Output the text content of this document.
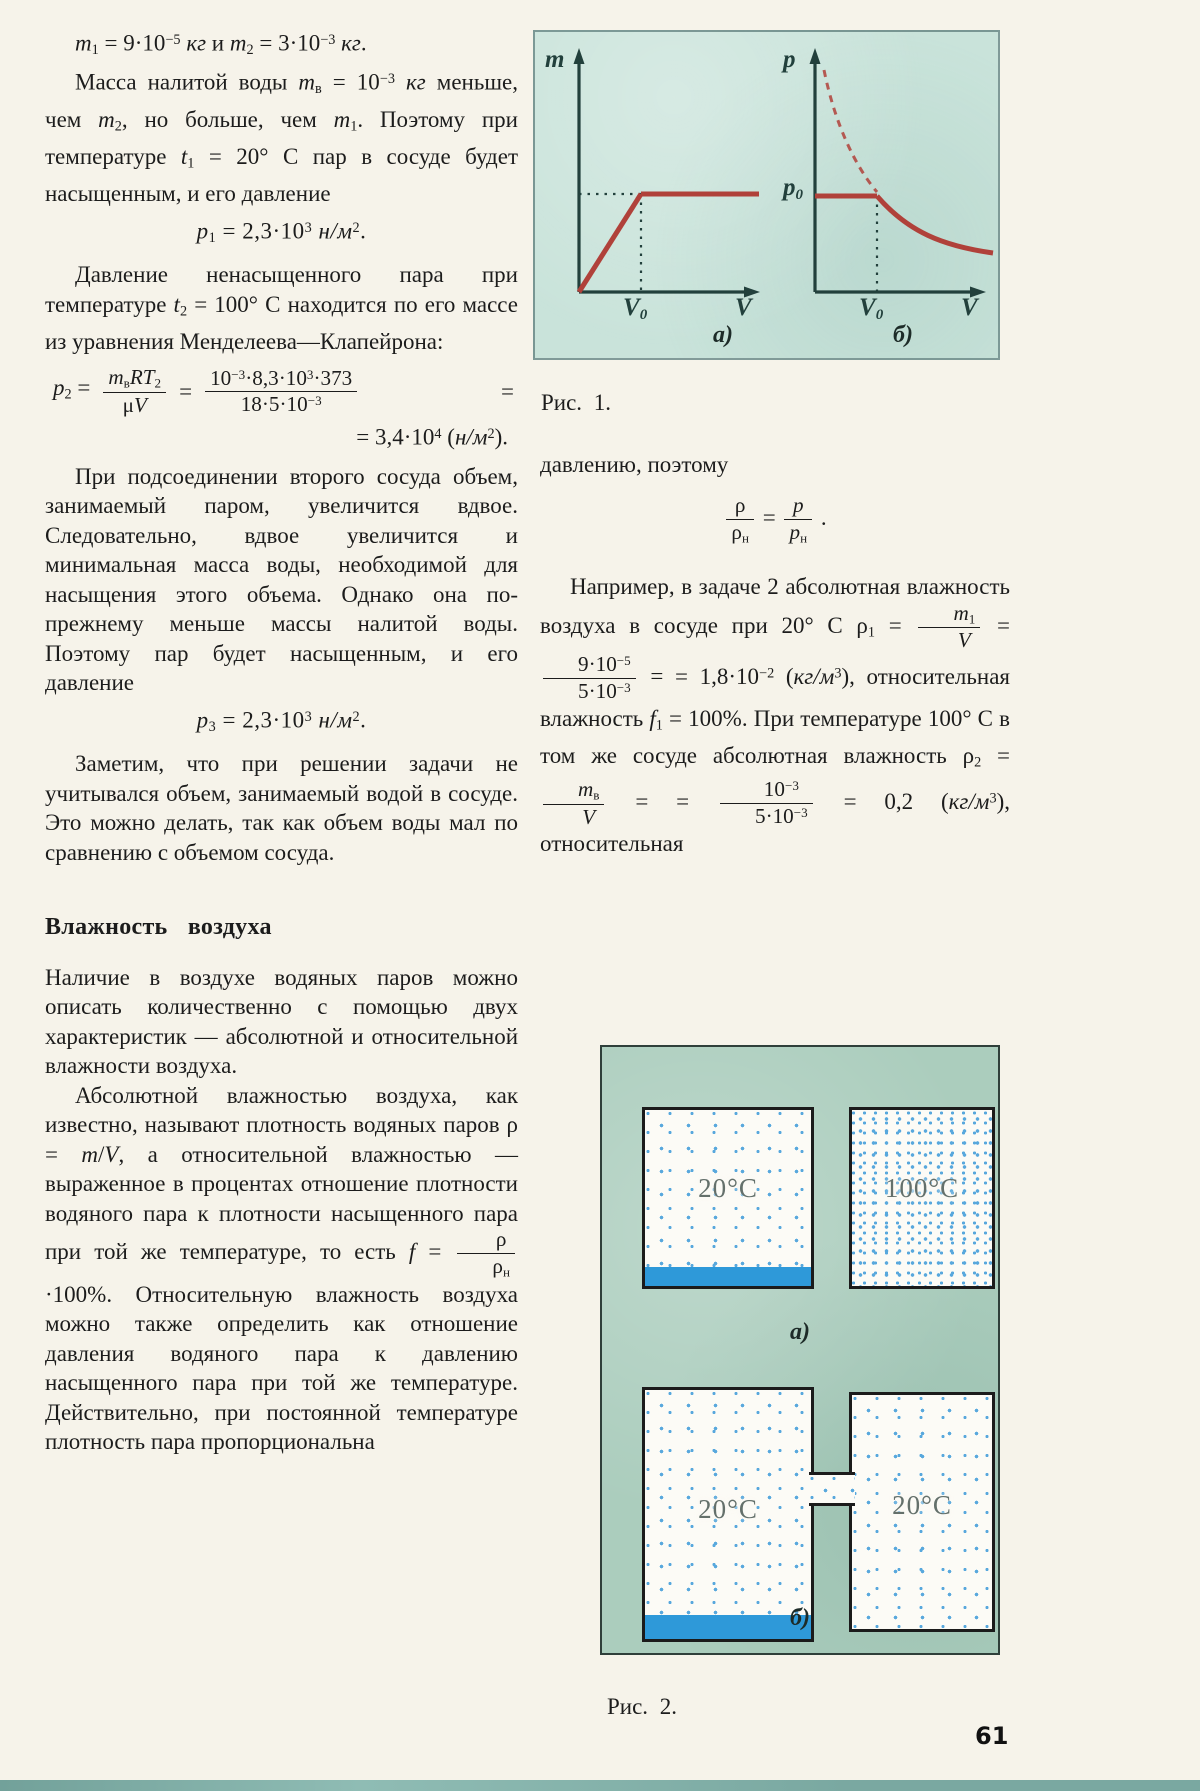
$m_1 = 9\cdot 10^{-5}$ кг и $m_2 = 3\cdot 10^{-3}$ кг.

Масса налитой воды $m_в = 10^{-3}$ кг меньше, чем $m_2$, но больше, чем $m_1$. Поэтому при температуре $t_1 = 20^\circ$ C пар в сосуде будет насыщенным, и его давление

$p_1 = 2,3\cdot 10^3$ $н/м^2$.

Давление ненасыщенного пара при температуре $t_2 = 100^\circ$ C находится по его массе из уравнения Менделеева—Клапейрона:

$p_2 = \frac{m_вRT_2}{\mu V} = \frac{10^{-3}\cdot 8,3\cdot 10^3\cdot 373}{18\cdot 5\cdot 10^{-3}}$	=

= $3,4\cdot 10^4$ $(н/м^2)$.

При подсоединении второго сосуда объем, занимаемый паром, увеличится вдвое. Следовательно, вдвое увеличится и минимальная масса воды, необходимой для насыщения этого объема. Однако она по-прежнему меньше массы налитой воды. Поэтому пар будет насыщенным, и его давление

$p_3 = 2,3\cdot 10^3$ $н/м^2$.

Заметим, что при решении задачи не учитывался объем, занимаемый водой в сосуде. Это можно делать, так как объем воды мал по сравнению с объемом сосуда.

Влажность воздуха

Наличие в воздухе водяных паров можно описать количественно с помощью двух характеристик — абсолютной и относительной влажности воздуха.

Абсолютной влажностью воздуха, как известно, называют плотность водяных паров ρ = m/V, а относительной влажностью — выраженное в процентах отношение плотности водяного пара к плотности насыщенного пара при той же температуре, то есть $f = \frac{\rho}{\rho_н}$
·100%. Относительную влажность воздуха можно также определить как отношение давления водяного пара к давлению насыщенного пара при той же температуре. Действительно, при постоянной температуре плотность пара пропорциональна

m
V
$V_0$
p
$p_0$
V
$V_0$
а)	б)
Рис. 1.

давлению, поэтому

$\frac{\rho}{\rho_н} = \frac{p}{p_н}$ .

Например, в задаче 2 абсолютная влажность воздуха в сосуде при 20° C $\rho_1 = \frac{m_1}{V}$ =
$\frac{9\cdot 10^{-5}}{5\cdot 10^{-3}}$ = = $1,8\cdot 10^{-2}$ $(кг/м^3)$, относительная влажность $f_1 = 100\%$. При температуре 100° C в том же сосуде абсолютная влажность $\rho_2$ =
$\frac{m_в}{V}$ = = $\frac{10^{-3}}{5\cdot 10^{-3}} = 0,2$ $(кг/м^3)$, относительная

20°C	100°C
а)
20°C	20°C
б)
Рис. 2.
61
